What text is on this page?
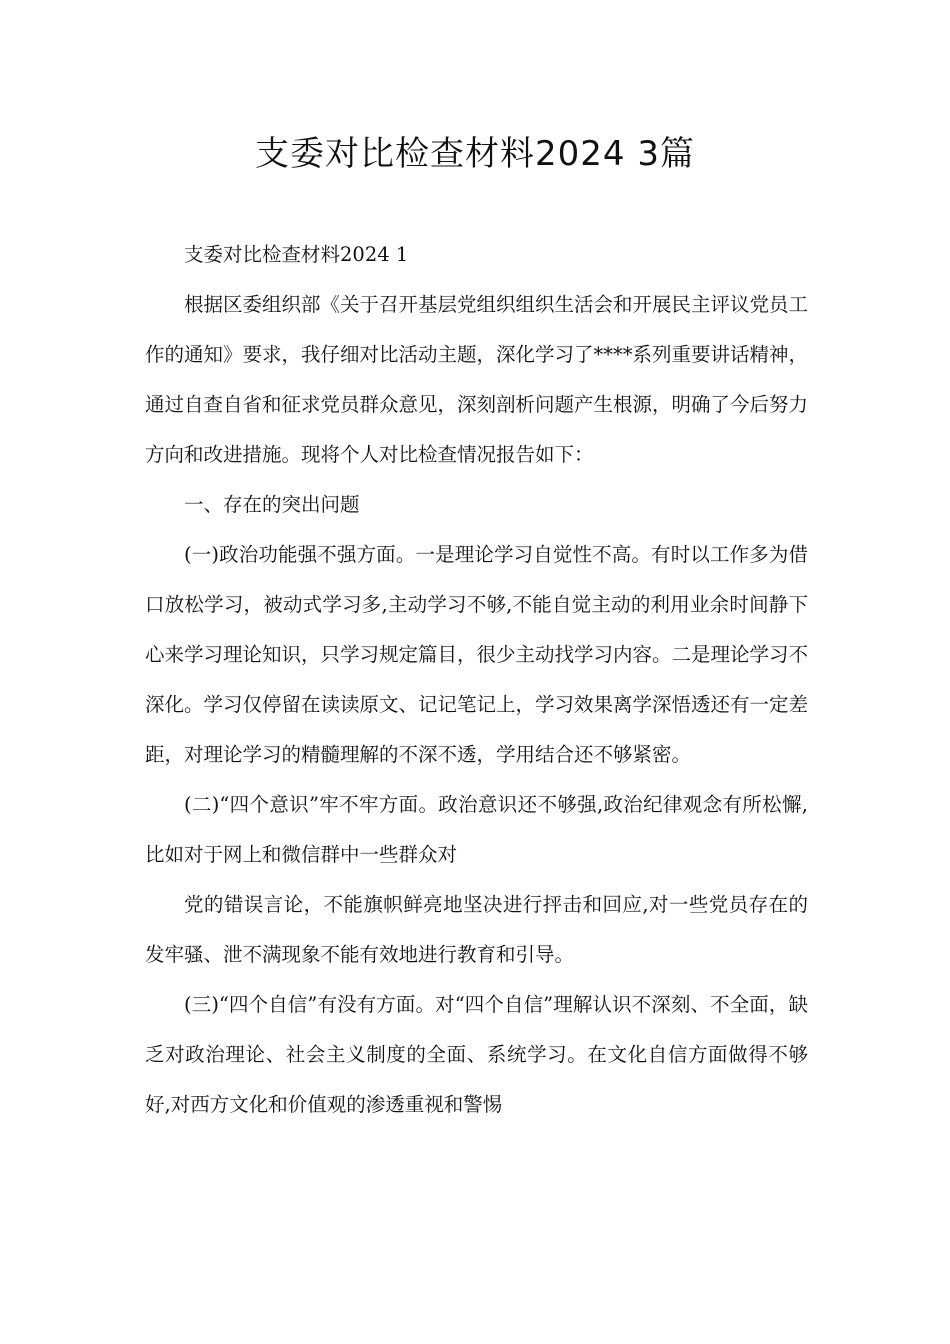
支委对比检查材料2024 3篇

支委对比检查材料2024 1

根据区委组织部《关于召开基层党组织组织生活会和开展民主评议党员工作的通知》要求，我仔细对比活动主题，深化学习了****系列重要讲话精神，通过自查自省和征求党员群众意见，深刻剖析问题产生根源，明确了今后努力方向和改进措施。现将个人对比检查情况报告如下：

一、存在的突出问题

(一)政治功能强不强方面。一是理论学习自觉性不高。有时以工作多为借口放松学习，被动式学习多,主动学习不够,不能自觉主动的利用业余时间静下心来学习理论知识，只学习规定篇目，很少主动找学习内容。二是理论学习不深化。学习仅停留在读读原文、记记笔记上，学习效果离学深悟透还有一定差距，对理论学习的精髓理解的不深不透，学用结合还不够紧密。

(二)“四个意识”牢不牢方面。政治意识还不够强,政治纪律观念有所松懈,比如对于网上和微信群中一些群众对

党的错误言论，不能旗帜鲜亮地坚决进行抨击和回应,对一些党员存在的发牢骚、泄不满现象不能有效地进行教育和引导。

(三)“四个自信”有没有方面。对“四个自信”理解认识不深刻、不全面，缺乏对政治理论、社会主义制度的全面、系统学习。在文化自信方面做得不够好,对西方文化和价值观的渗透重视和警惕
